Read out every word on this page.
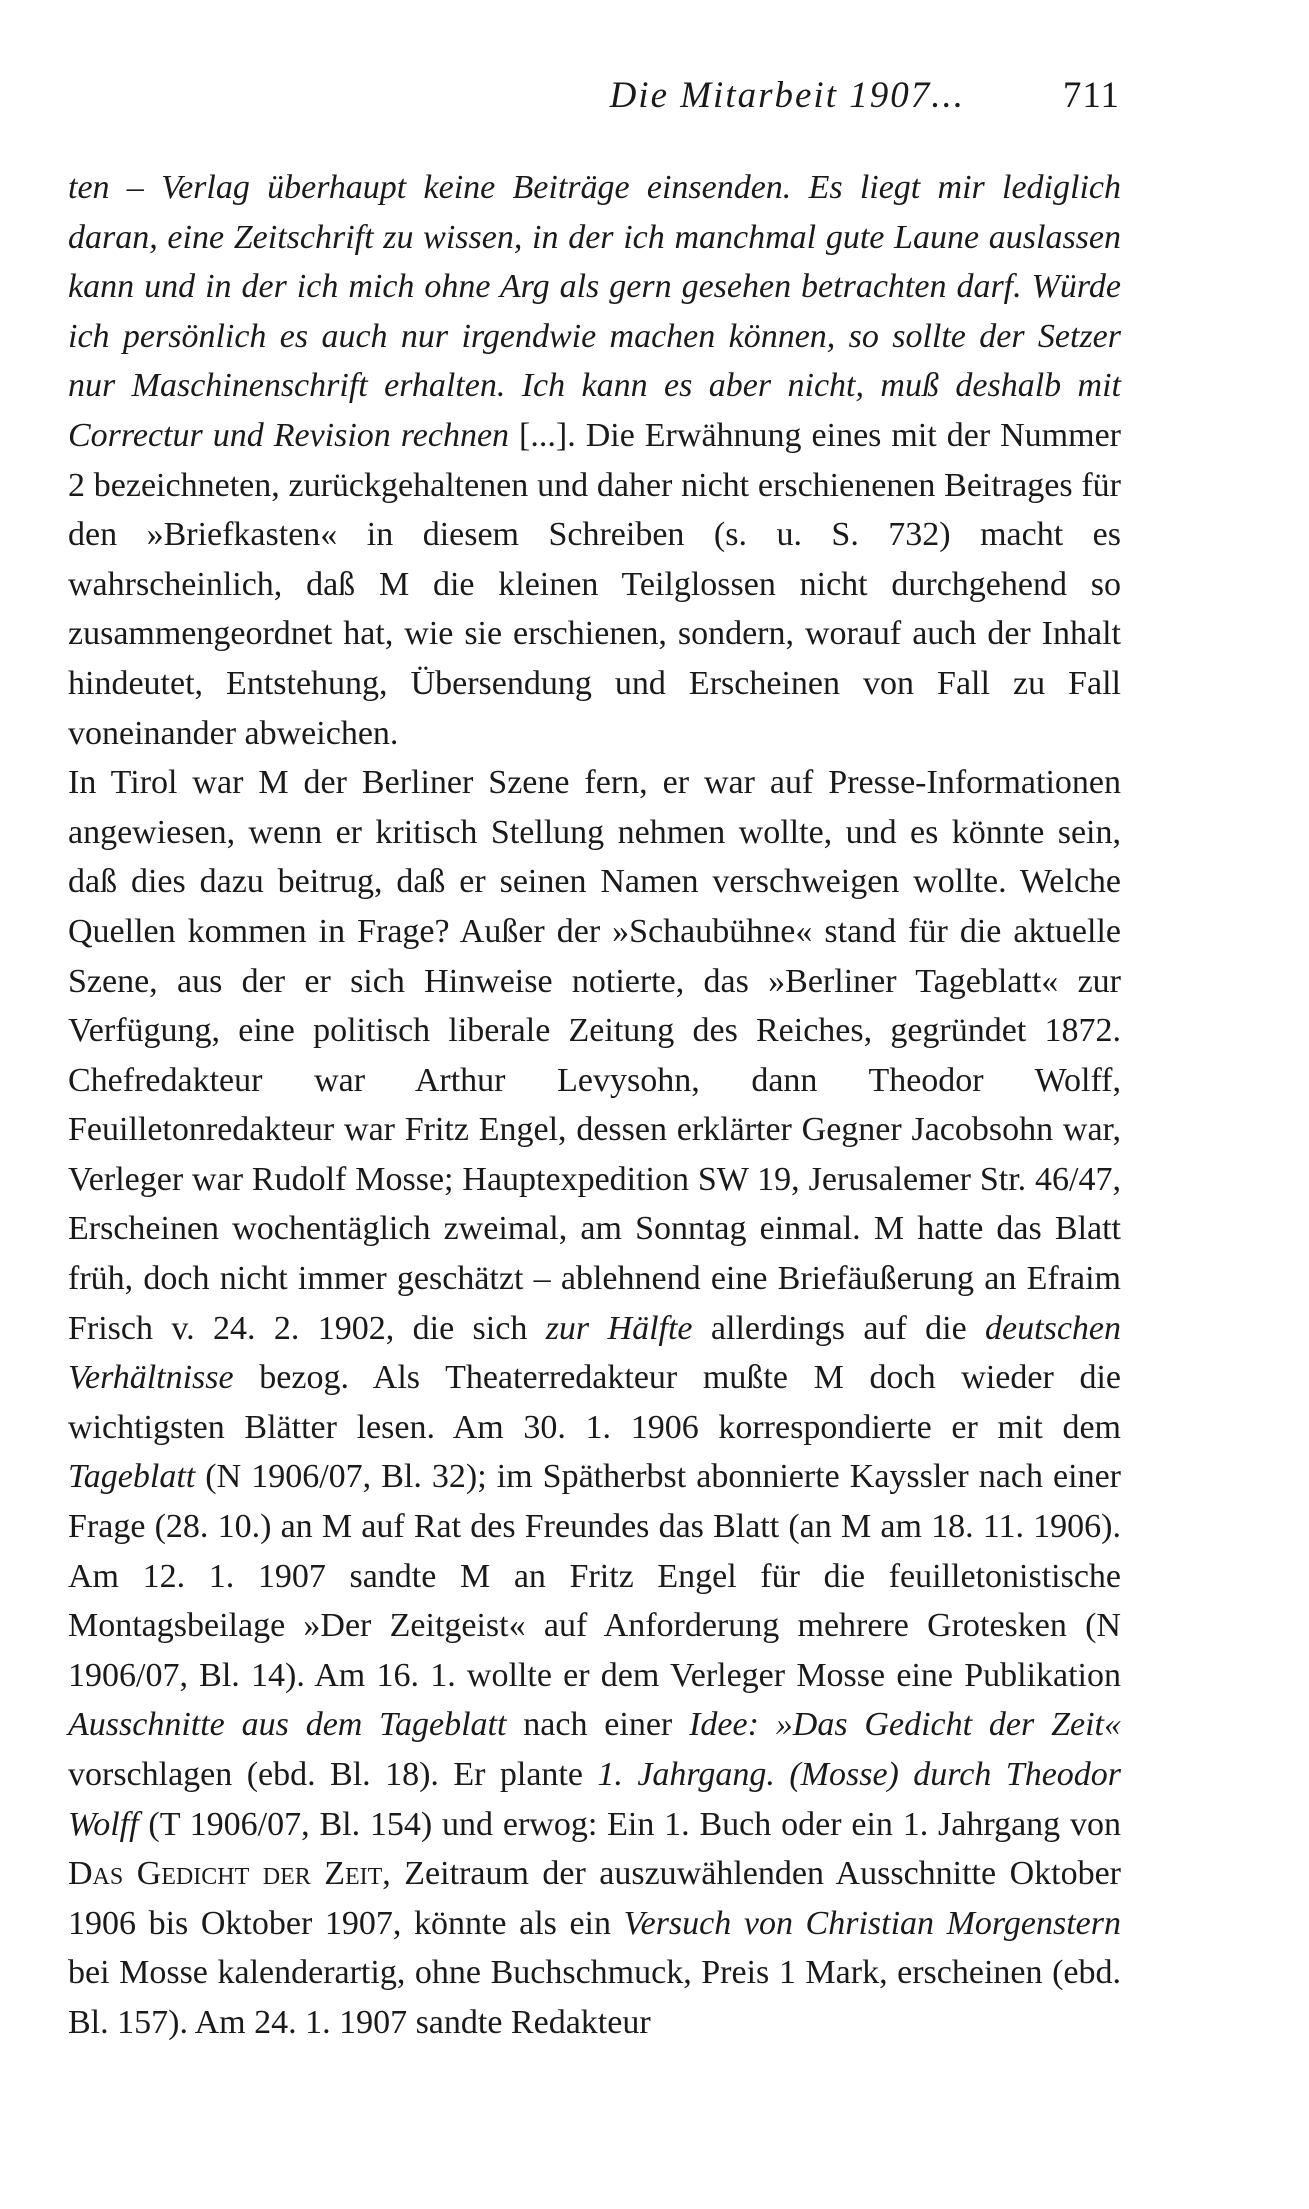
Die Mitarbeit 1907...	711

ten – Verlag überhaupt keine Beiträge einsenden. Es liegt mir lediglich daran, eine Zeitschrift zu wissen, in der ich manchmal gute Laune auslassen kann und in der ich mich ohne Arg als gern gesehen betrachten darf. Würde ich persönlich es auch nur irgendwie machen können, so sollte der Setzer nur Maschinenschrift erhalten. Ich kann es aber nicht, muß deshalb mit Correctur und Revision rechnen [...]. Die Erwähnung eines mit der Nummer 2 bezeichneten, zurückgehaltenen und daher nicht erschienenen Beitrages für den »Briefkasten« in diesem Schreiben (s. u. S. 732) macht es wahrscheinlich, daß M die kleinen Teilglossen nicht durchgehend so zusammengeordnet hat, wie sie erschienen, sondern, worauf auch der Inhalt hindeutet, Entstehung, Übersendung und Erscheinen von Fall zu Fall voneinander abweichen.

In Tirol war M der Berliner Szene fern, er war auf Presse-Informationen angewiesen, wenn er kritisch Stellung nehmen wollte, und es könnte sein, daß dies dazu beitrug, daß er seinen Namen verschweigen wollte. Welche Quellen kommen in Frage? Außer der »Schaubühne« stand für die aktuelle Szene, aus der er sich Hinweise notierte, das »Berliner Tageblatt« zur Verfügung, eine politisch liberale Zeitung des Reiches, gegründet 1872. Chefredakteur war Arthur Levysohn, dann Theodor Wolff, Feuilletonredakteur war Fritz Engel, dessen erklärter Gegner Jacobsohn war, Verleger war Rudolf Mosse; Hauptexpedition SW 19, Jerusalemer Str. 46/47, Erscheinen wochentäglich zweimal, am Sonntag einmal. M hatte das Blatt früh, doch nicht immer geschätzt – ablehnend eine Briefäußerung an Efraim Frisch v. 24. 2. 1902, die sich zur Hälfte allerdings auf die deutschen Verhältnisse bezog. Als Theaterredakteur mußte M doch wieder die wichtigsten Blätter lesen. Am 30. 1. 1906 korrespondierte er mit dem Tageblatt (N 1906/07, Bl. 32); im Spätherbst abonnierte Kayssler nach einer Frage (28. 10.) an M auf Rat des Freundes das Blatt (an M am 18. 11. 1906). Am 12. 1. 1907 sandte M an Fritz Engel für die feuilletonistische Montagsbeilage »Der Zeitgeist« auf Anforderung mehrere Grotesken (N 1906/07, Bl. 14). Am 16. 1. wollte er dem Verleger Mosse eine Publikation Ausschnitte aus dem Tageblatt nach einer Idee: »Das Gedicht der Zeit« vorschlagen (ebd. Bl. 18). Er plante 1. Jahrgang. (Mosse) durch Theodor Wolff (T 1906/07, Bl. 154) und erwog: Ein 1. Buch oder ein 1. Jahrgang von Das Gedicht der Zeit, Zeitraum der auszuwählenden Ausschnitte Oktober 1906 bis Oktober 1907, könnte als ein Versuch von Christian Morgenstern bei Mosse kalenderartig, ohne Buchschmuck, Preis 1 Mark, erscheinen (ebd. Bl. 157). Am 24. 1. 1907 sandte Redakteur
